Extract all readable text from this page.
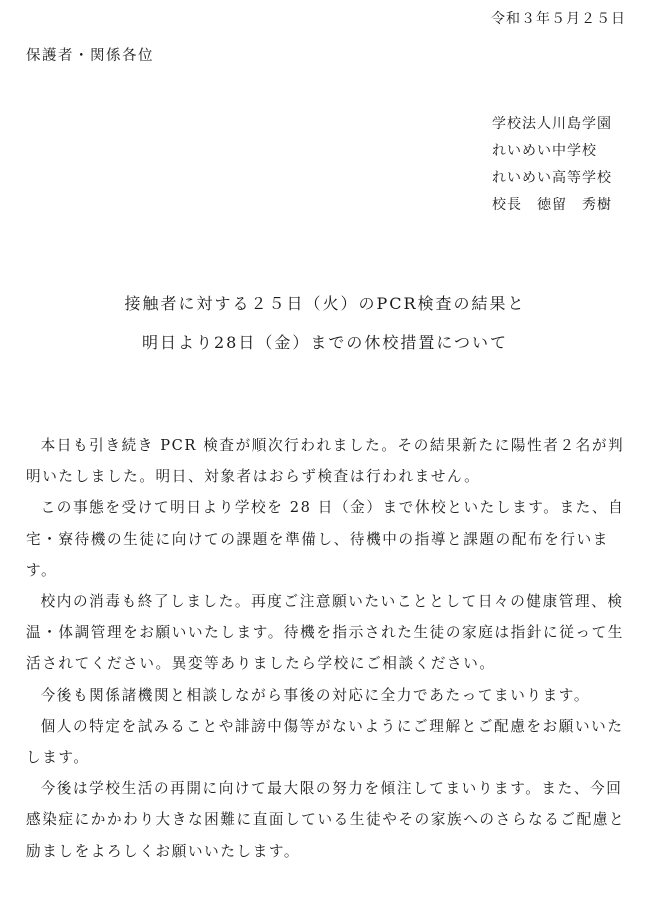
令和３年５月２５日
保護者・関係各位
学校法人川島学園
れいめい中学校
れいめい高等学校
校長　徳留　秀樹
接触者に対する２５日（火）のPCR検査の結果と
明日より28日（金）までの休校措置について

本日も引き続き PCR 検査が順次行われました。その結果新たに陽性者２名が判明いたしました。明日、対象者はおらず検査は行われません。

この事態を受けて明日より学校を 28 日（金）まで休校といたします。また、自宅・寮待機の生徒に向けての課題を準備し、待機中の指導と課題の配布を行います。

校内の消毒も終了しました。再度ご注意願いたいこととして日々の健康管理、検温・体調管理をお願いいたします。待機を指示された生徒の家庭は指針に従って生活されてください。異変等ありましたら学校にご相談ください。

今後も関係諸機関と相談しながら事後の対応に全力であたってまいります。

個人の特定を試みることや誹謗中傷等がないようにご理解とご配慮をお願いいたします。

今後は学校生活の再開に向けて最大限の努力を傾注してまいります。また、今回感染症にかかわり大きな困難に直面している生徒やその家族へのさらなるご配慮と励ましをよろしくお願いいたします。
